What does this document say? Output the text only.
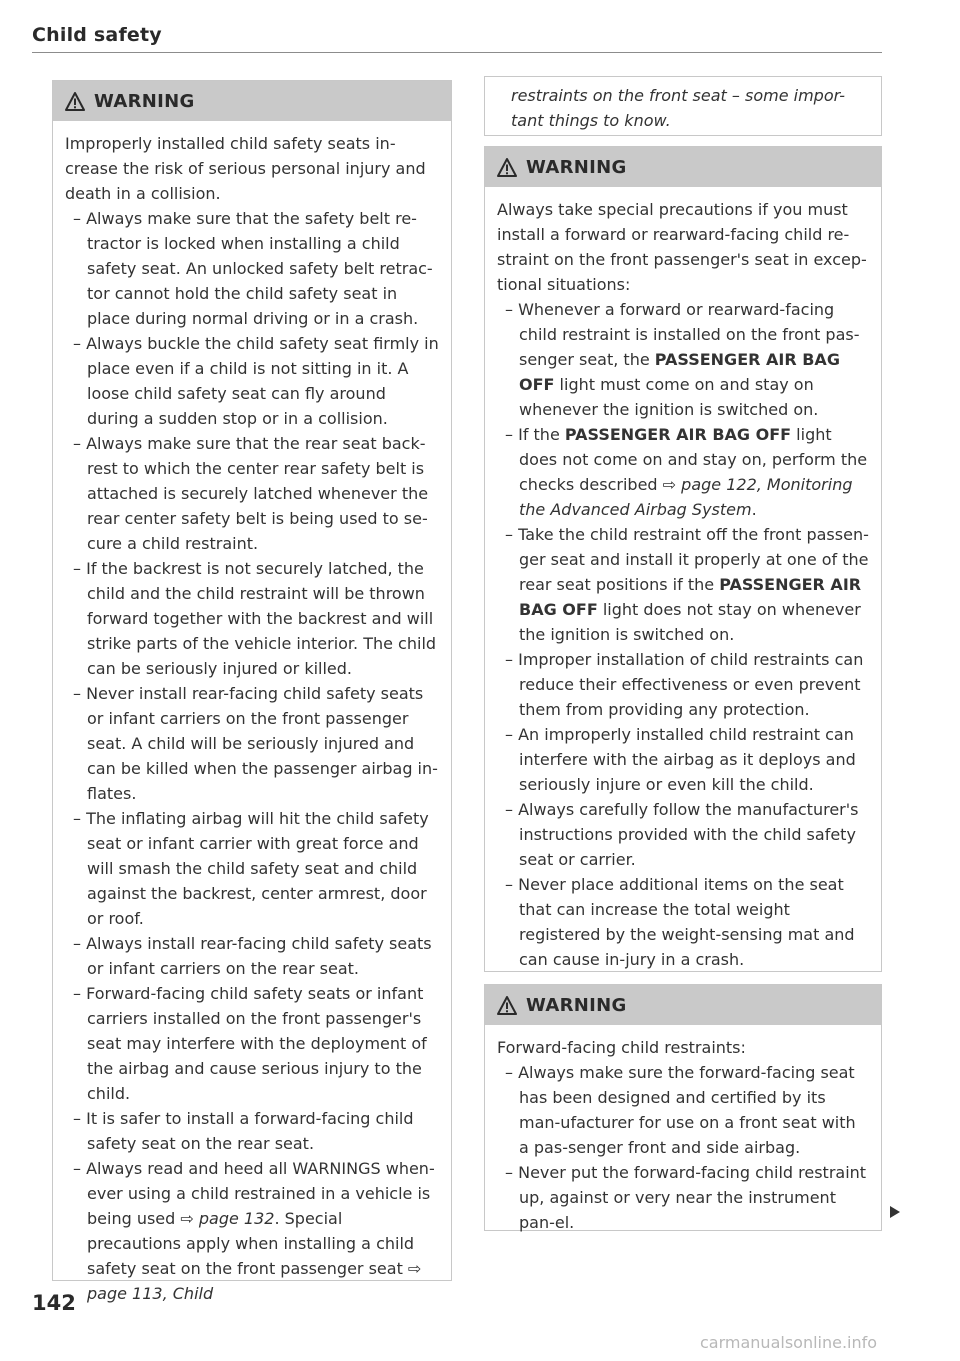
Child safety
WARNING

Improperly installed child safety seats in-crease the risk of serious personal injury and death in a collision.

– Always make sure that the safety belt re-tractor is locked when installing a child safety seat. An unlocked safety belt retrac-tor cannot hold the child safety seat in place during normal driving or in a crash.
– Always buckle the child safety seat firmly in place even if a child is not sitting in it. A loose child safety seat can fly around during a sudden stop or in a collision.
– Always make sure that the rear seat back-rest to which the center rear safety belt is attached is securely latched whenever the rear center safety belt is being used to se-cure a child restraint.
– If the backrest is not securely latched, the child and the child restraint will be thrown forward together with the backrest and will strike parts of the vehicle interior. The child can be seriously injured or killed.
– Never install rear-facing child safety seats or infant carriers on the front passenger seat. A child will be seriously injured and can be killed when the passenger airbag in-flates.
– The inflating airbag will hit the child safety seat or infant carrier with great force and will smash the child safety seat and child against the backrest, center armrest, door or roof.
– Always install rear-facing child safety seats or infant carriers on the rear seat.
– Forward-facing child safety seats or infant carriers installed on the front passenger's seat may interfere with the deployment of the airbag and cause serious injury to the child.
– It is safer to install a forward-facing child safety seat on the rear seat.
– Always read and heed all WARNINGS when-ever using a child restrained in a vehicle is being used ⇨ page 132. Special precautions apply when installing a child safety seat on the front passenger seat ⇨ page 113, Child
restraints on the front seat – some impor-tant things to know.
WARNING

Always take special precautions if you must install a forward or rearward-facing child re-straint on the front passenger's seat in excep-tional situations:

– Whenever a forward or rearward-facing child restraint is installed on the front pas-senger seat, the PASSENGER AIR BAG OFF light must come on and stay on whenever the ignition is switched on.
– If the PASSENGER AIR BAG OFF light does not come on and stay on, perform the checks described ⇨ page 122, Monitoring the Advanced Airbag System.
– Take the child restraint off the front passen-ger seat and install it properly at one of the rear seat positions if the PASSENGER AIR BAG OFF light does not stay on whenever the ignition is switched on.
– Improper installation of child restraints can reduce their effectiveness or even prevent them from providing any protection.
– An improperly installed child restraint can interfere with the airbag as it deploys and seriously injure or even kill the child.
– Always carefully follow the manufacturer's instructions provided with the child safety seat or carrier.
– Never place additional items on the seat that can increase the total weight registered by the weight-sensing mat and can cause in-jury in a crash.
WARNING

Forward-facing child restraints:

– Always make sure the forward-facing seat has been designed and certified by its man-ufacturer for use on a front seat with a pas-senger front and side airbag.
– Never put the forward-facing child restraint up, against or very near the instrument pan-el.
142
carmanualsonline.info
